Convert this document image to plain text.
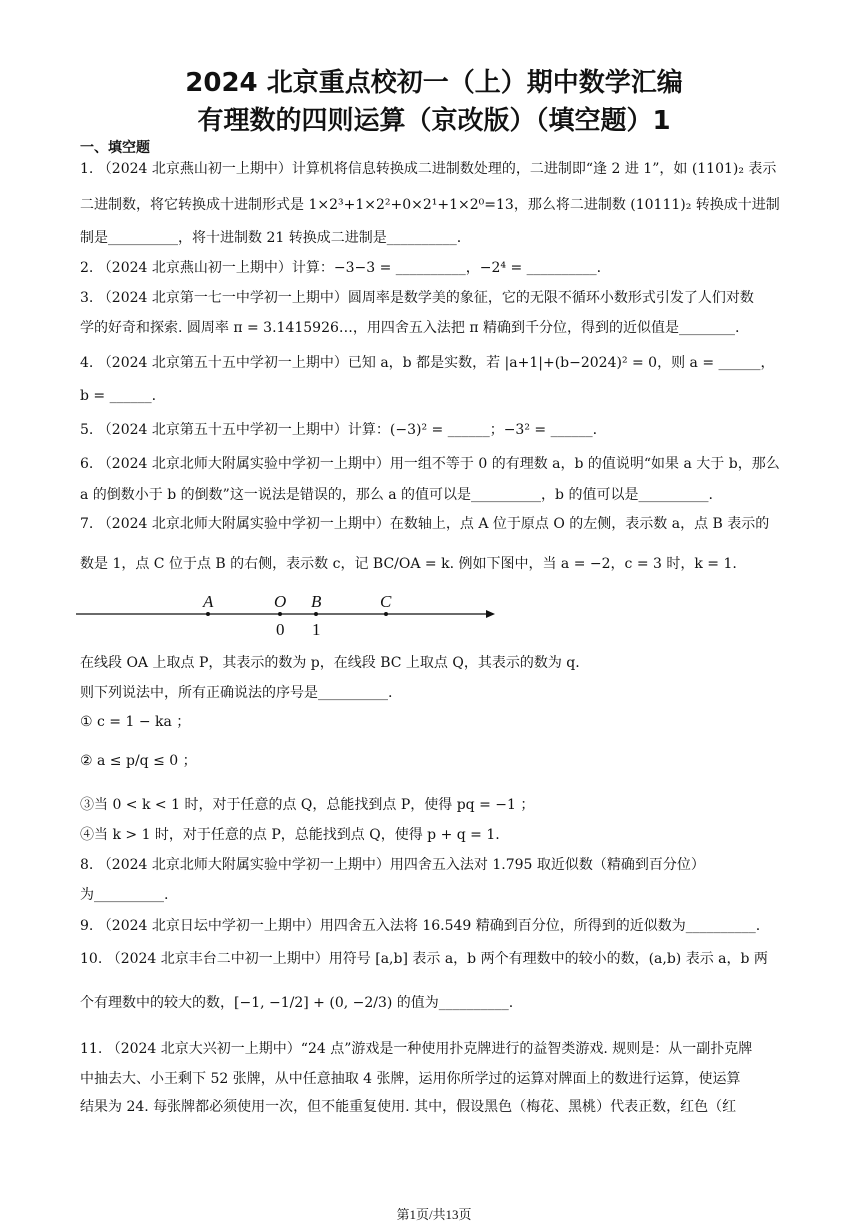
2024 北京重点校初一（上）期中数学汇编
有理数的四则运算（京改版）（填空题）1
一、填空题
1. （2024 北京燕山初一上期中）计算机将信息转换成二进制数处理的，二进制即“逢 2 进 1”，如 (1101)₂ 表示
二进制数，将它转换成十进制形式是 1×2³+1×2²+0×2¹+1×2⁰=13，那么将二进制数 (10111)₂ 转换成十进制
制是__________，将十进制数 21 转换成二进制是__________.
2. （2024 北京燕山初一上期中）计算：−3−3 = __________，−2⁴ = __________.
3. （2024 北京第一七一中学初一上期中）圆周率是数学美的象征，它的无限不循环小数形式引发了人们对数
学的好奇和探索. 圆周率 π = 3.1415926…，用四舍五入法把 π 精确到千分位，得到的近似值是________.
4. （2024 北京第五十五中学初一上期中）已知 a，b 都是实数，若 |a+1|+(b−2024)² = 0，则 a = ______，
b = ______.
5. （2024 北京第五十五中学初一上期中）计算：(−3)² = ______；−3² = ______.
6. （2024 北京北师大附属实验中学初一上期中）用一组不等于 0 的有理数 a，b 的值说明“如果 a 大于 b，那么
a 的倒数小于 b 的倒数”这一说法是错误的，那么 a 的值可以是__________，b 的值可以是__________.
7. （2024 北京北师大附属实验中学初一上期中）在数轴上，点 A 位于原点 O 的左侧，表示数 a，点 B 表示的
数是 1，点 C 位于点 B 的右侧，表示数 c，记 BC/OA = k. 例如下图中，当 a = −2，c = 3 时，k = 1.
A	O B	C
0 1
在线段 OA 上取点 P，其表示的数为 p，在线段 BC 上取点 Q，其表示的数为 q.
则下列说法中，所有正确说法的序号是__________.
① c = 1 − ka ；
② a ≤ p/q ≤ 0 ；
③当 0 < k < 1 时，对于任意的点 Q，总能找到点 P，使得 pq = −1 ；
④当 k > 1 时，对于任意的点 P，总能找到点 Q，使得 p + q = 1.
8. （2024 北京北师大附属实验中学初一上期中）用四舍五入法对 1.795 取近似数（精确到百分位）
为__________.
9. （2024 北京日坛中学初一上期中）用四舍五入法将 16.549 精确到百分位，所得到的近似数为__________.
10. （2024 北京丰台二中初一上期中）用符号 [a,b] 表示 a，b 两个有理数中的较小的数，(a,b) 表示 a，b 两
个有理数中的较大的数，[−1, −1/2] + (0, −2/3) 的值为__________.
11. （2024 北京大兴初一上期中）“24 点”游戏是一种使用扑克牌进行的益智类游戏. 规则是：从一副扑克牌
中抽去大、小王剩下 52 张牌，从中任意抽取 4 张牌，运用你所学过的运算对牌面上的数进行运算，使运算
结果为 24. 每张牌都必须使用一次，但不能重复使用. 其中，假设黑色（梅花、黑桃）代表正数，红色（红
第1页/共13页
